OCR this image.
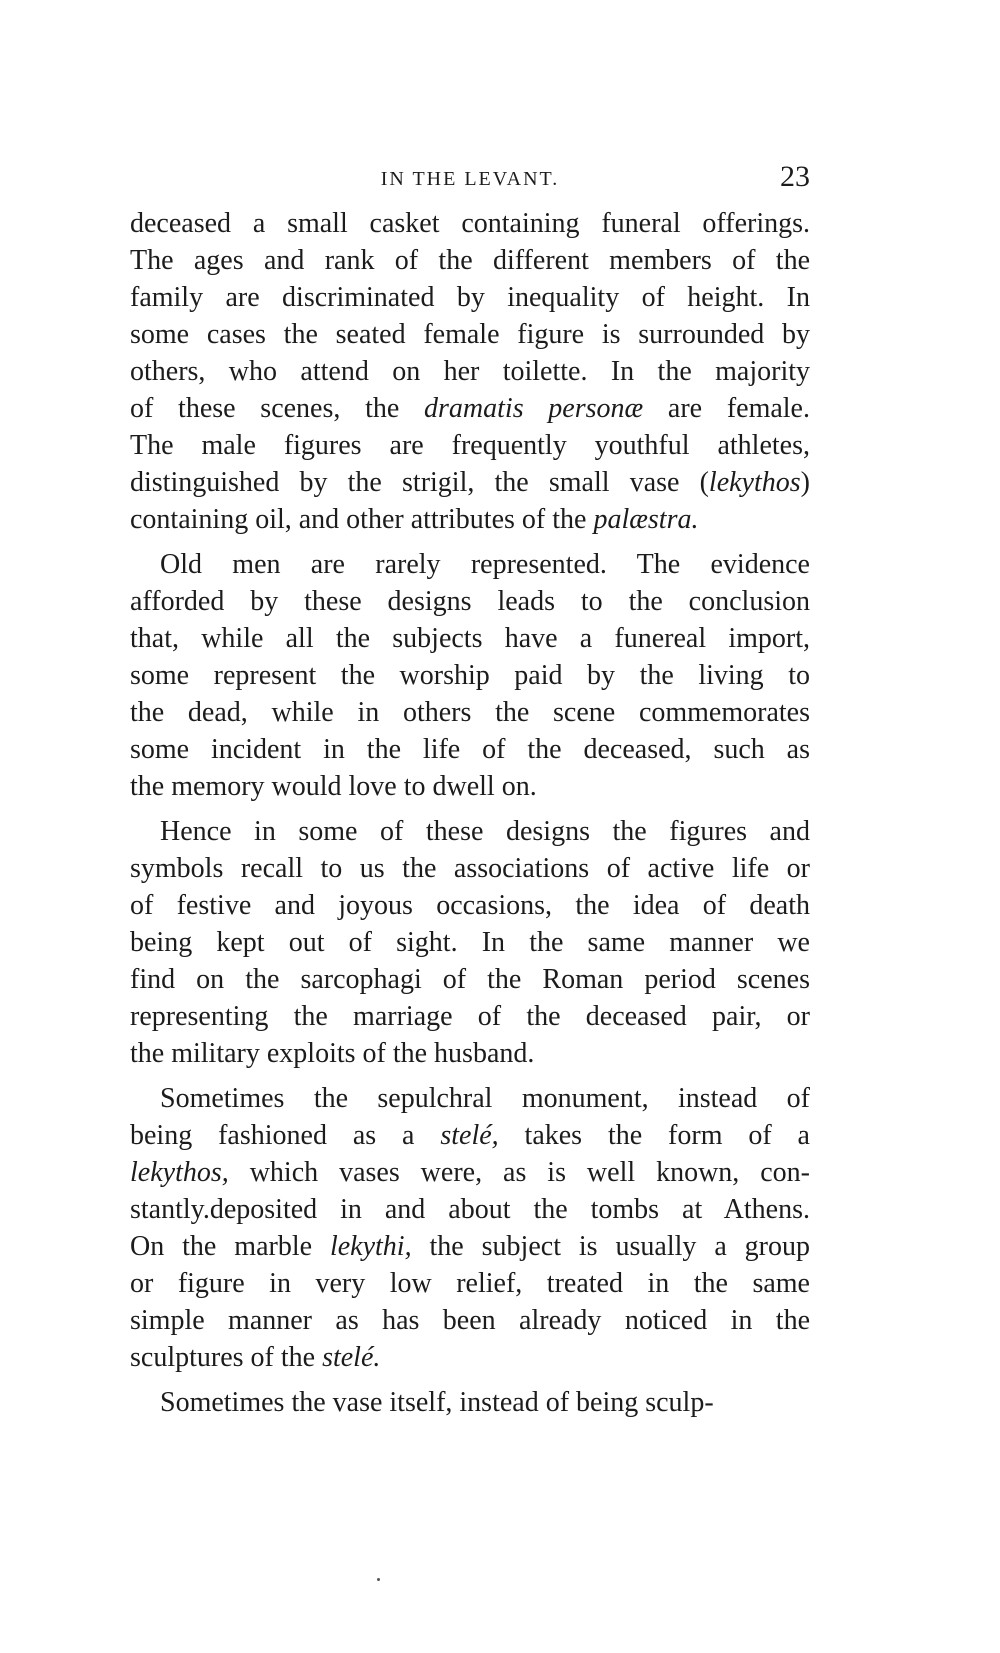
IN THE LEVANT.	23
deceased a small casket containing funeral offerings.
The ages and rank of the different members of the
family are discriminated by inequality of height. In
some cases the seated female figure is surrounded by
others, who attend on her toilette. In the majority
of these scenes, the dramatis personæ are female.
The male figures are frequently youthful athletes,
distinguished by the strigil, the small vase (lekythos)
containing oil, and other attributes of the palæstra.
Old men are rarely represented. The evidence
afforded by these designs leads to the conclusion
that, while all the subjects have a funereal import,
some represent the worship paid by the living to
the dead, while in others the scene commemorates
some incident in the life of the deceased, such as
the memory would love to dwell on.
Hence in some of these designs the figures and
symbols recall to us the associations of active life or
of festive and joyous occasions, the idea of death
being kept out of sight. In the same manner we
find on the sarcophagi of the Roman period scenes
representing the marriage of the deceased pair, or
the military exploits of the husband.
Sometimes the sepulchral monument, instead of
being fashioned as a stelé, takes the form of a
lekythos, which vases were, as is well known, con-
stantly.deposited in and about the tombs at Athens.
On the marble lekythi, the subject is usually a group
or figure in very low relief, treated in the same
simple manner as has been already noticed in the
sculptures of the stelé.
Sometimes the vase itself, instead of being sculp-
